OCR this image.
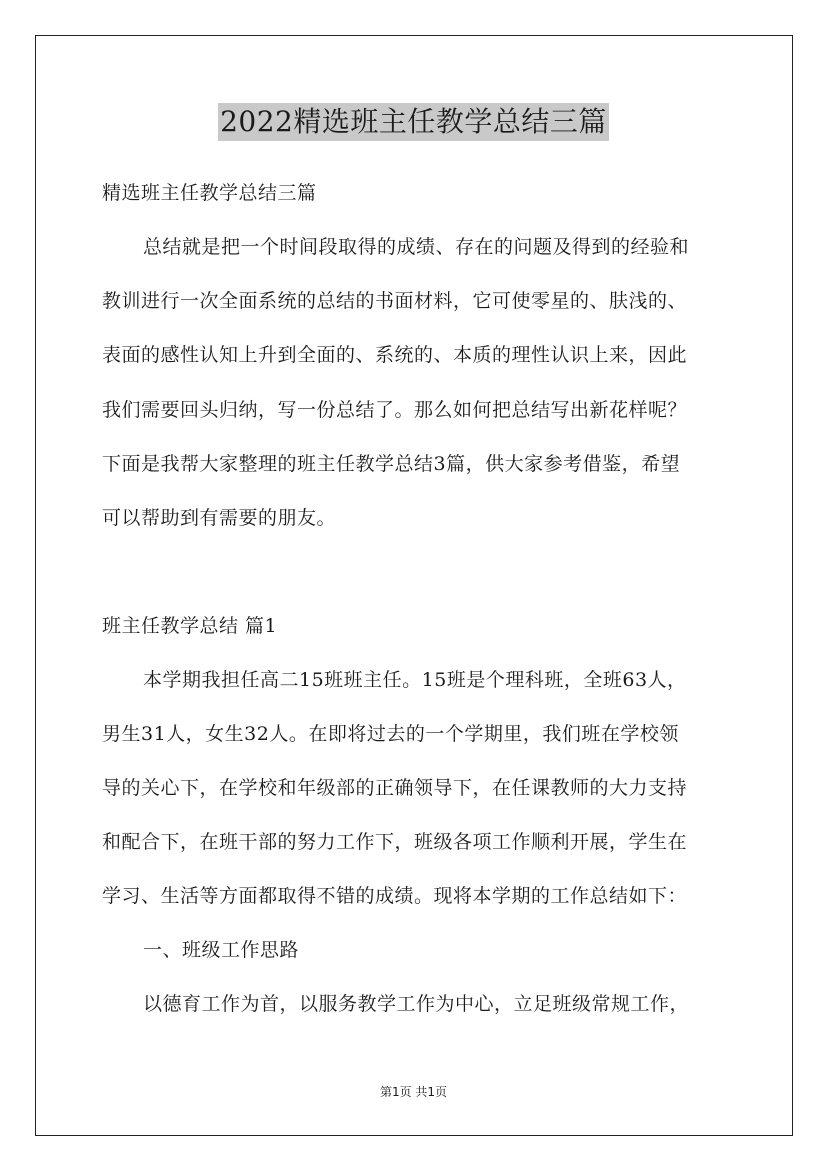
2022精选班主任教学总结三篇
精选班主任教学总结三篇
总结就是把一个时间段取得的成绩、存在的问题及得到的经验和
教训进行一次全面系统的总结的书面材料，它可使零星的、肤浅的、
表面的感性认知上升到全面的、系统的、本质的理性认识上来，因此
我们需要回头归纳，写一份总结了。那么如何把总结写出新花样呢？
下面是我帮大家整理的班主任教学总结3篇，供大家参考借鉴，希望
可以帮助到有需要的朋友。
班主任教学总结 篇1
本学期我担任高二15班班主任。15班是个理科班，全班63人，
男生31人，女生32人。在即将过去的一个学期里，我们班在学校领
导的关心下，在学校和年级部的正确领导下，在任课教师的大力支持
和配合下，在班干部的努力工作下，班级各项工作顺利开展，学生在
学习、生活等方面都取得不错的成绩。现将本学期的工作总结如下：
一、班级工作思路
以德育工作为首，以服务教学工作为中心，立足班级常规工作，
第1页 共1页
